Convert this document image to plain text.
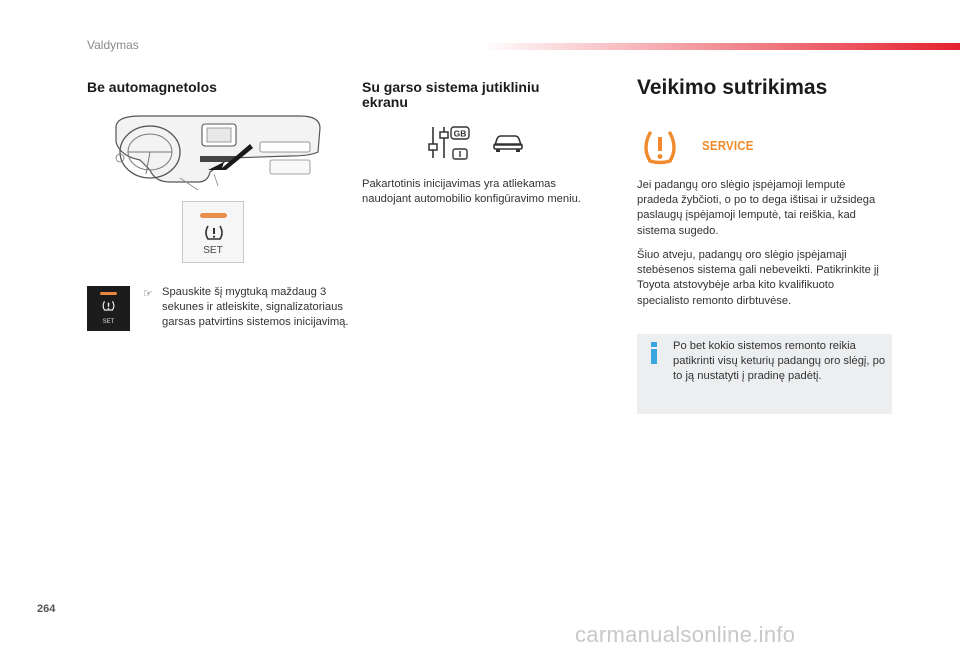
Valdymas
Be automagnetolos
SET
SET
☞ Spauskite šį mygtuką maždaug 3 sekunes ir atleiskite, signalizatoriaus garsas patvirtins sistemos inicijavimą.
Su garso sistema jutikliniu
ekranu
GB
Pakartotinis inicijavimas yra atliekamas naudojant automobilio konfigūravimo meniu.
Veikimo sutrikimas
SERVICE
Jei padangų oro slėgio įspėjamoji lemputė pradeda žybčioti, o po to dega ištisai ir užsidega paslaugų įspėjamoji lemputė, tai reiškia, kad sistema sugedo.
Šiuo atveju, padangų oro slėgio įspėjamaji stebėsenos sistema gali nebeveikti. Patikrinkite jį Toyota atstovybėje arba kito kvalifikuoto specialisto remonto dirbtuvėse.
Po bet kokio sistemos remonto reikia patikrinti visų keturių padangų oro slėgį, po to ją nustatyti į pradinę padėtį.
264
carmanualsonline.info
